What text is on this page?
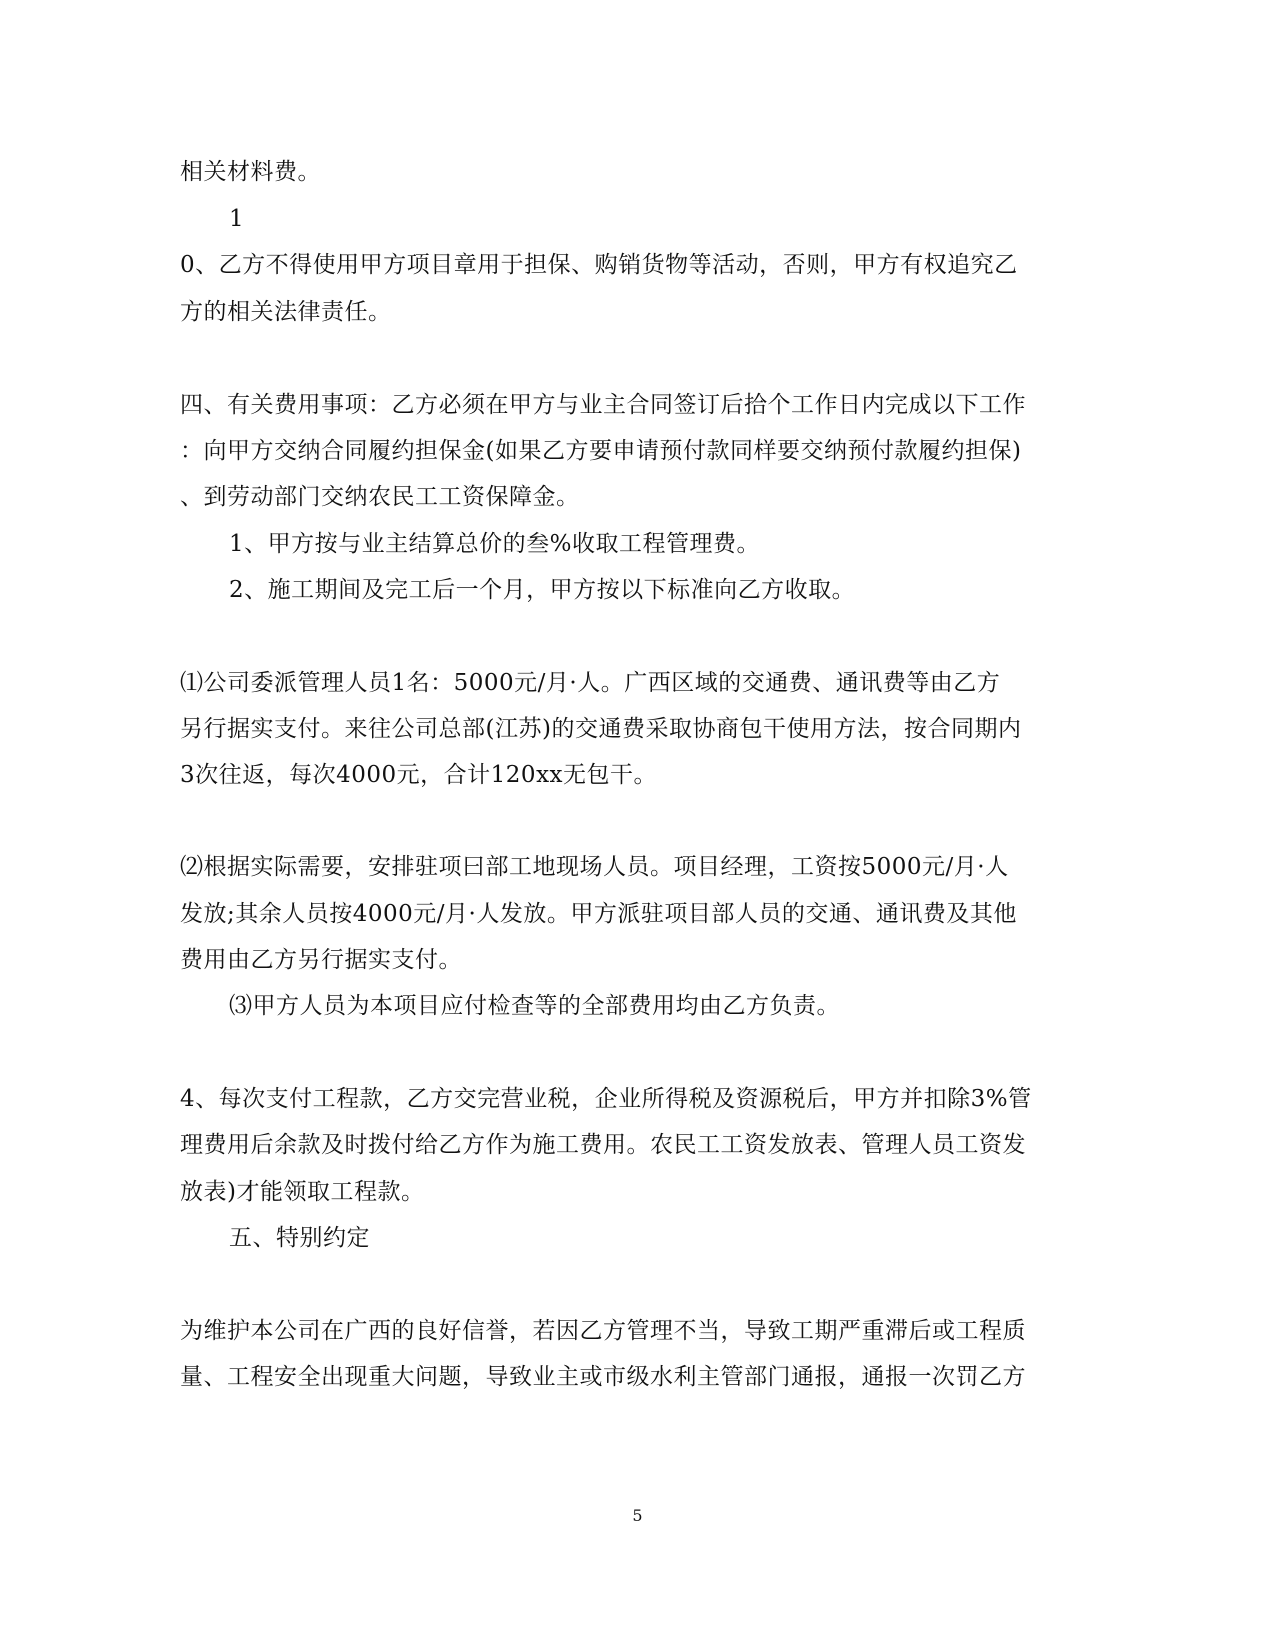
相关材料费。
1
0、乙方不得使用甲方项目章用于担保、购销货物等活动，否则，甲方有权追究乙
方的相关法律责任。
四、有关费用事项：乙方必须在甲方与业主合同签订后拾个工作日内完成以下工作
：向甲方交纳合同履约担保金(如果乙方要申请预付款同样要交纳预付款履约担保)
、到劳动部门交纳农民工工资保障金。
1、甲方按与业主结算总价的叁%收取工程管理费。
2、施工期间及完工后一个月，甲方按以下标准向乙方收取。
⑴公司委派管理人员1名：5000元/月·人。广西区域的交通费、通讯费等由乙方
另行据实支付。来往公司总部(江苏)的交通费采取协商包干使用方法，按合同期内
3次往返，每次4000元，合计120xx无包干。
⑵根据实际需要，安排驻项曰部工地现场人员。项目经理，工资按5000元/月·人
发放;其余人员按4000元/月·人发放。甲方派驻项目部人员的交通、通讯费及其他
费用由乙方另行据实支付。
⑶甲方人员为本项目应付检查等的全部费用均由乙方负责。
4、每次支付工程款，乙方交完营业税，企业所得税及资源税后，甲方并扣除3%管
理费用后余款及时拨付给乙方作为施工费用。农民工工资发放表、管理人员工资发
放表)才能领取工程款。
五、特别约定
为维护本公司在广西的良好信誉，若因乙方管理不当，导致工期严重滞后或工程质
量、工程安全出现重大问题，导致业主或市级水利主管部门通报，通报一次罚乙方
5
